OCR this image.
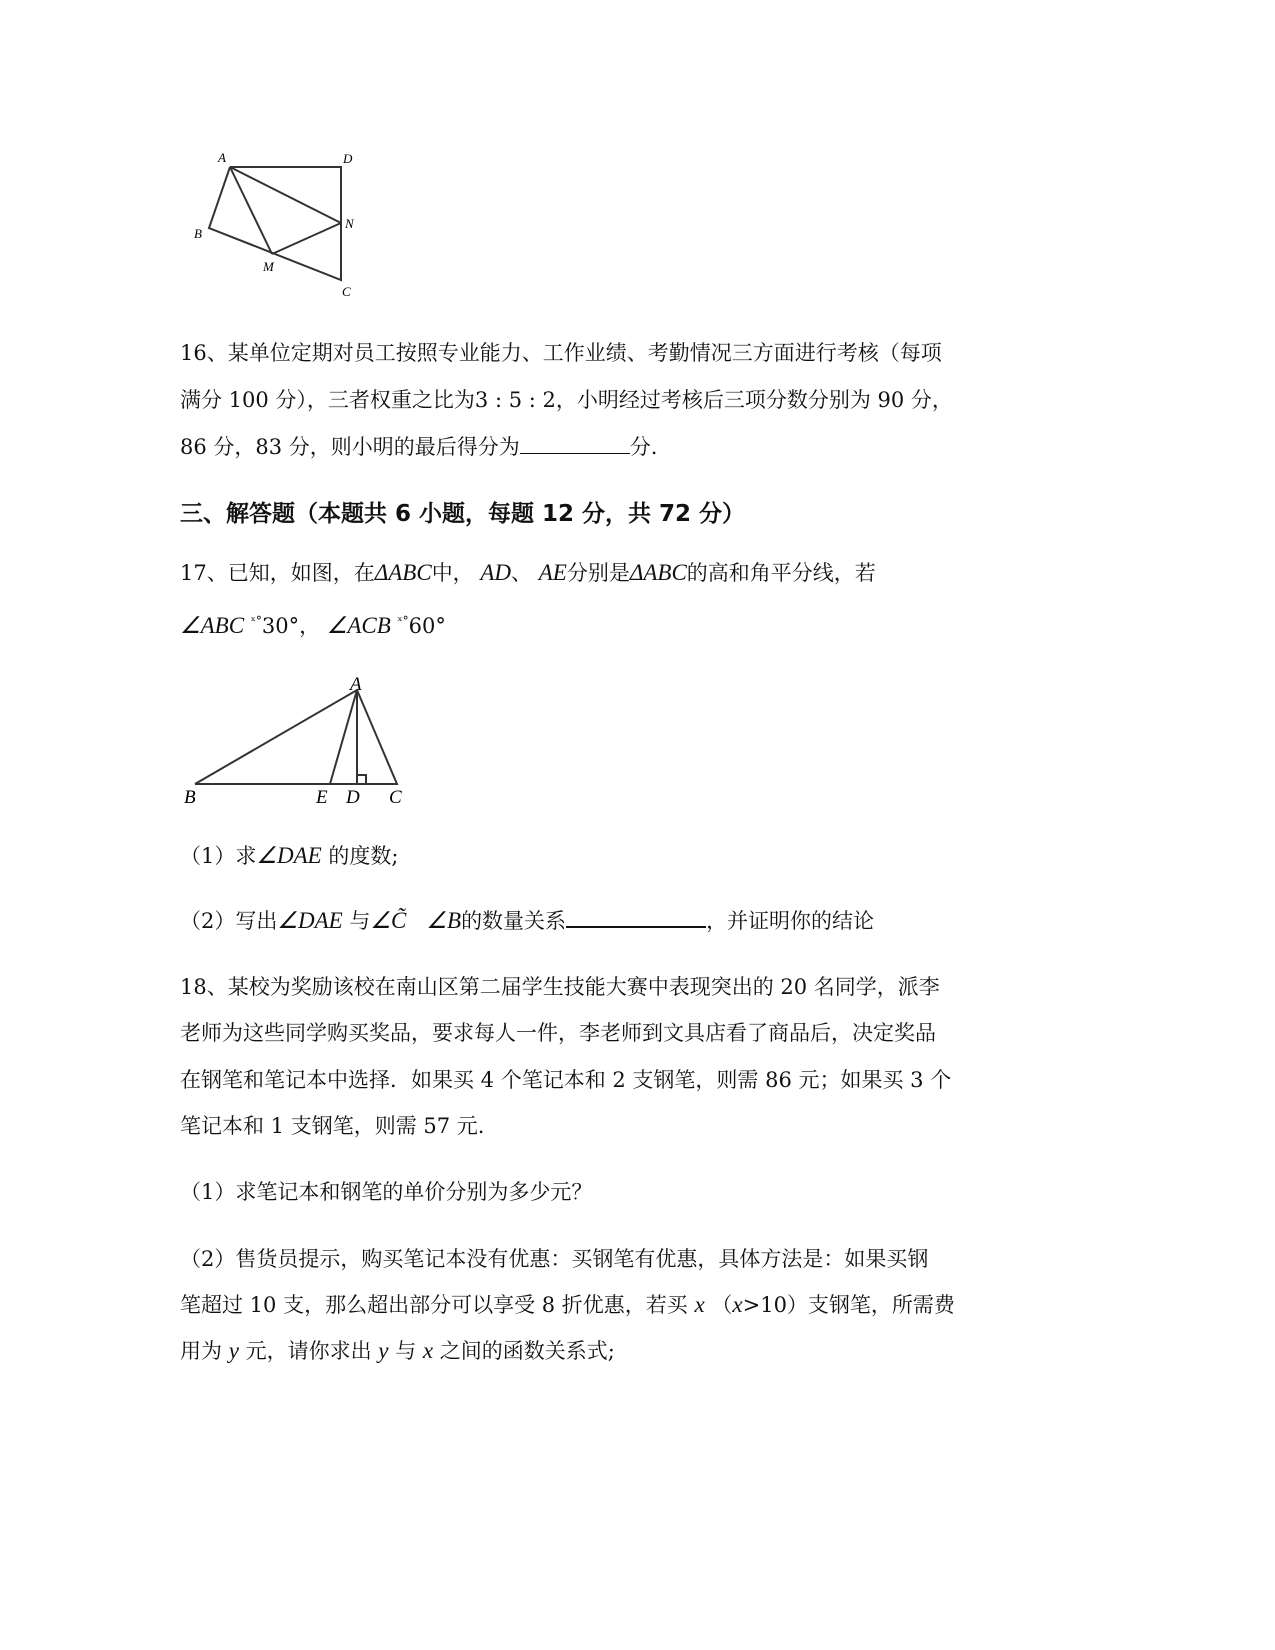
A	D
N
B
M
C
A
B	E D C
16、某单位定期对员工按照专业能力、工作业绩、考勤情况三方面进行考核（每项
满分 100 分），三者权重之比为3 : 5 : 2，小明经过考核后三项分数分别为 90 分，
86 分，83 分，则小明的最后得分为	分.
三、解答题（本题共 6 小题，每题 12 分，共 72 分）
17、已知，如图，在ΔABC中， AD、 AE分别是ΔABC的高和角平分线，若
∠ABC $^{ˣ^\circ}$30°， ∠ACB $^{ˣ^\circ}$60°
（1）求∠DAE 的度数;
（2）写出∠DAE 与∠C̃ ∠B的数量关系	，并证明你的结论
18、某校为奖励该校在南山区第二届学生技能大赛中表现突出的 20 名同学，派李
老师为这些同学购买奖品，要求每人一件，李老师到文具店看了商品后，决定奖品
在钢笔和笔记本中选择．如果买 4 个笔记本和 2 支钢笔，则需 86 元；如果买 3 个
笔记本和 1 支钢笔，则需 57 元.
（1）求笔记本和钢笔的单价分别为多少元？
（2）售货员提示，购买笔记本没有优惠：买钢笔有优惠，具体方法是：如果买钢
笔超过 10 支，那么超出部分可以享受 8 折优惠，若买 x （x>10）支钢笔，所需费
用为 y 元，请你求出 y 与 x 之间的函数关系式;
